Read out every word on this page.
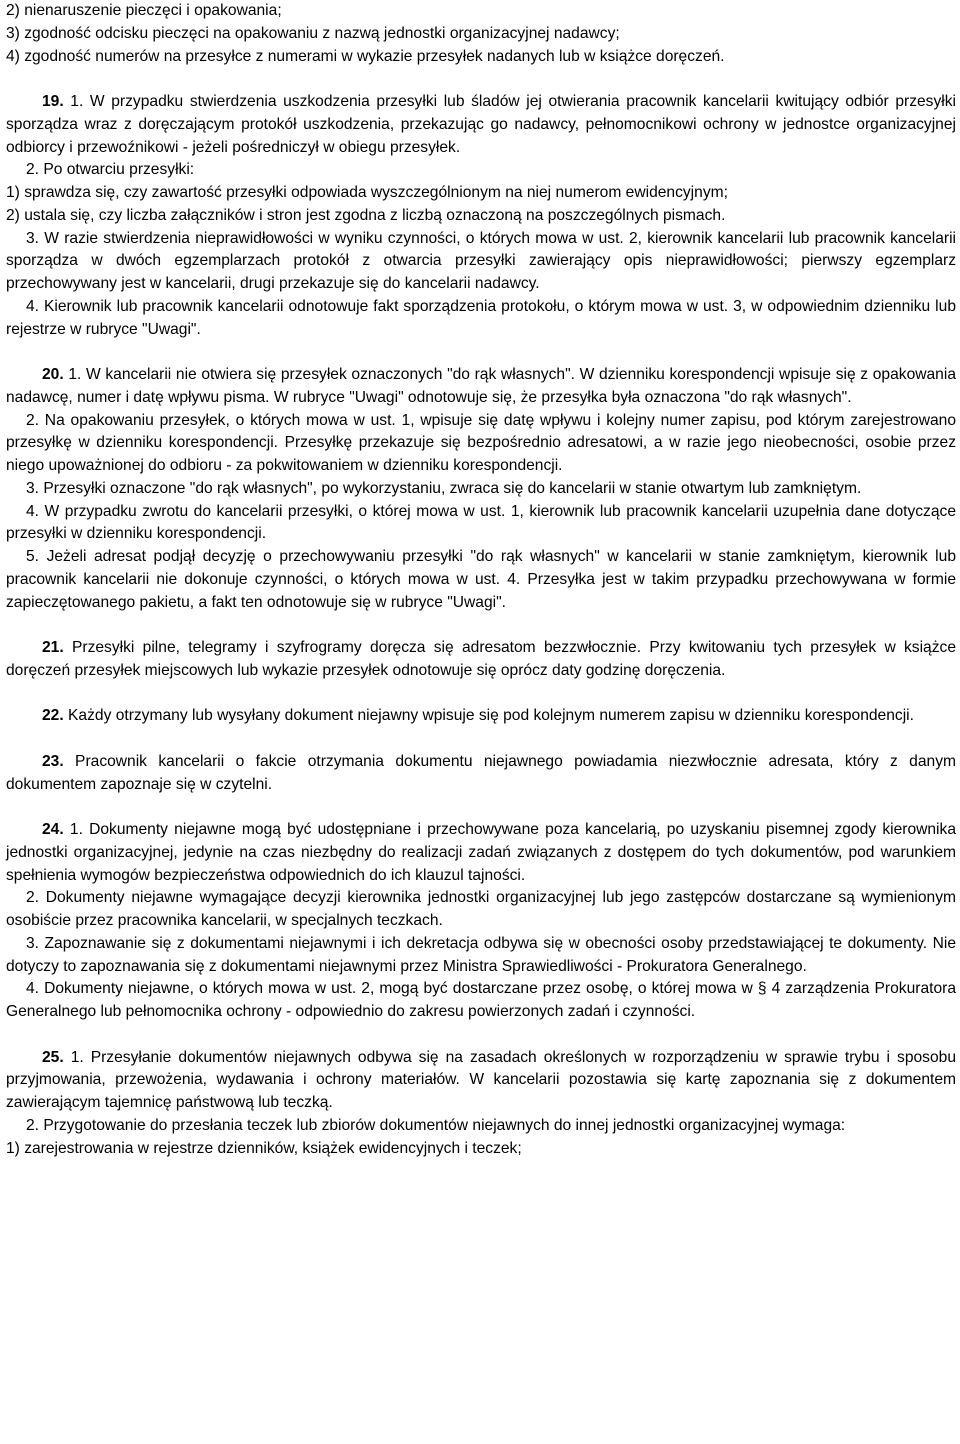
2) nienaruszenie pieczęci i opakowania;

3) zgodność odcisku pieczęci na opakowaniu z nazwą jednostki organizacyjnej nadawcy;

4) zgodność numerów na przesyłce z numerami w wykazie przesyłek nadanych lub w książce doręczeń.

19. 1. W przypadku stwierdzenia uszkodzenia przesyłki lub śladów jej otwierania pracownik kancelarii kwitujący odbiór przesyłki sporządza wraz z doręczającym protokół uszkodzenia, przekazując go nadawcy, pełnomocnikowi ochrony w jednostce organizacyjnej odbiorcy i przewoźnikowi - jeżeli pośredniczył w obiegu przesyłek.

2. Po otwarciu przesyłki:

1) sprawdza się, czy zawartość przesyłki odpowiada wyszczególnionym na niej numerom ewidencyjnym;

2) ustala się, czy liczba załączników i stron jest zgodna z liczbą oznaczoną na poszczególnych pismach.

3. W razie stwierdzenia nieprawidłowości w wyniku czynności, o których mowa w ust. 2, kierownik kancelarii lub pracownik kancelarii sporządza w dwóch egzemplarzach protokół z otwarcia przesyłki zawierający opis nieprawidłowości; pierwszy egzemplarz przechowywany jest w kancelarii, drugi przekazuje się do kancelarii nadawcy.

4. Kierownik lub pracownik kancelarii odnotowuje fakt sporządzenia protokołu, o którym mowa w ust. 3, w odpowiednim dzienniku lub rejestrze w rubryce "Uwagi".

20. 1. W kancelarii nie otwiera się przesyłek oznaczonych "do rąk własnych". W dzienniku korespondencji wpisuje się z opakowania nadawcę, numer i datę wpływu pisma. W rubryce "Uwagi" odnotowuje się, że przesyłka była oznaczona "do rąk własnych".

2. Na opakowaniu przesyłek, o których mowa w ust. 1, wpisuje się datę wpływu i kolejny numer zapisu, pod którym zarejestrowano przesyłkę w dzienniku korespondencji. Przesyłkę przekazuje się bezpośrednio adresatowi, a w razie jego nieobecności, osobie przez niego upoważnionej do odbioru - za pokwitowaniem w dzienniku korespondencji.

3. Przesyłki oznaczone "do rąk własnych", po wykorzystaniu, zwraca się do kancelarii w stanie otwartym lub zamkniętym.

4. W przypadku zwrotu do kancelarii przesyłki, o której mowa w ust. 1, kierownik lub pracownik kancelarii uzupełnia dane dotyczące przesyłki w dzienniku korespondencji.

5. Jeżeli adresat podjął decyzję o przechowywaniu przesyłki "do rąk własnych" w kancelarii w stanie zamkniętym, kierownik lub pracownik kancelarii nie dokonuje czynności, o których mowa w ust. 4. Przesyłka jest w takim przypadku przechowywana w formie zapieczętowanego pakietu, a fakt ten odnotowuje się w rubryce "Uwagi".

21. Przesyłki pilne, telegramy i szyfrogramy doręcza się adresatom bezzwłocznie. Przy kwitowaniu tych przesyłek w książce doręczeń przesyłek miejscowych lub wykazie przesyłek odnotowuje się oprócz daty godzinę doręczenia.

22. Każdy otrzymany lub wysyłany dokument niejawny wpisuje się pod kolejnym numerem zapisu w dzienniku korespondencji.

23. Pracownik kancelarii o fakcie otrzymania dokumentu niejawnego powiadamia niezwłocznie adresata, który z danym dokumentem zapoznaje się w czytelni.

24. 1. Dokumenty niejawne mogą być udostępniane i przechowywane poza kancelarią, po uzyskaniu pisemnej zgody kierownika jednostki organizacyjnej, jedynie na czas niezbędny do realizacji zadań związanych z dostępem do tych dokumentów, pod warunkiem spełnienia wymogów bezpieczeństwa odpowiednich do ich klauzul tajności.

2. Dokumenty niejawne wymagające decyzji kierownika jednostki organizacyjnej lub jego zastępców dostarczane są wymienionym osobiście przez pracownika kancelarii, w specjalnych teczkach.

3. Zapoznawanie się z dokumentami niejawnymi i ich dekretacja odbywa się w obecności osoby przedstawiającej te dokumenty. Nie dotyczy to zapoznawania się z dokumentami niejawnymi przez Ministra Sprawiedliwości - Prokuratora Generalnego.

4. Dokumenty niejawne, o których mowa w ust. 2, mogą być dostarczane przez osobę, o której mowa w § 4 zarządzenia Prokuratora Generalnego lub pełnomocnika ochrony - odpowiednio do zakresu powierzonych zadań i czynności.

25. 1. Przesyłanie dokumentów niejawnych odbywa się na zasadach określonych w rozporządzeniu w sprawie trybu i sposobu przyjmowania, przewożenia, wydawania i ochrony materiałów. W kancelarii pozostawia się kartę zapoznania się z dokumentem zawierającym tajemnicę państwową lub teczką.

2. Przygotowanie do przesłania teczek lub zbiorów dokumentów niejawnych do innej jednostki organizacyjnej wymaga:

1) zarejestrowania w rejestrze dzienników, książek ewidencyjnych i teczek;
